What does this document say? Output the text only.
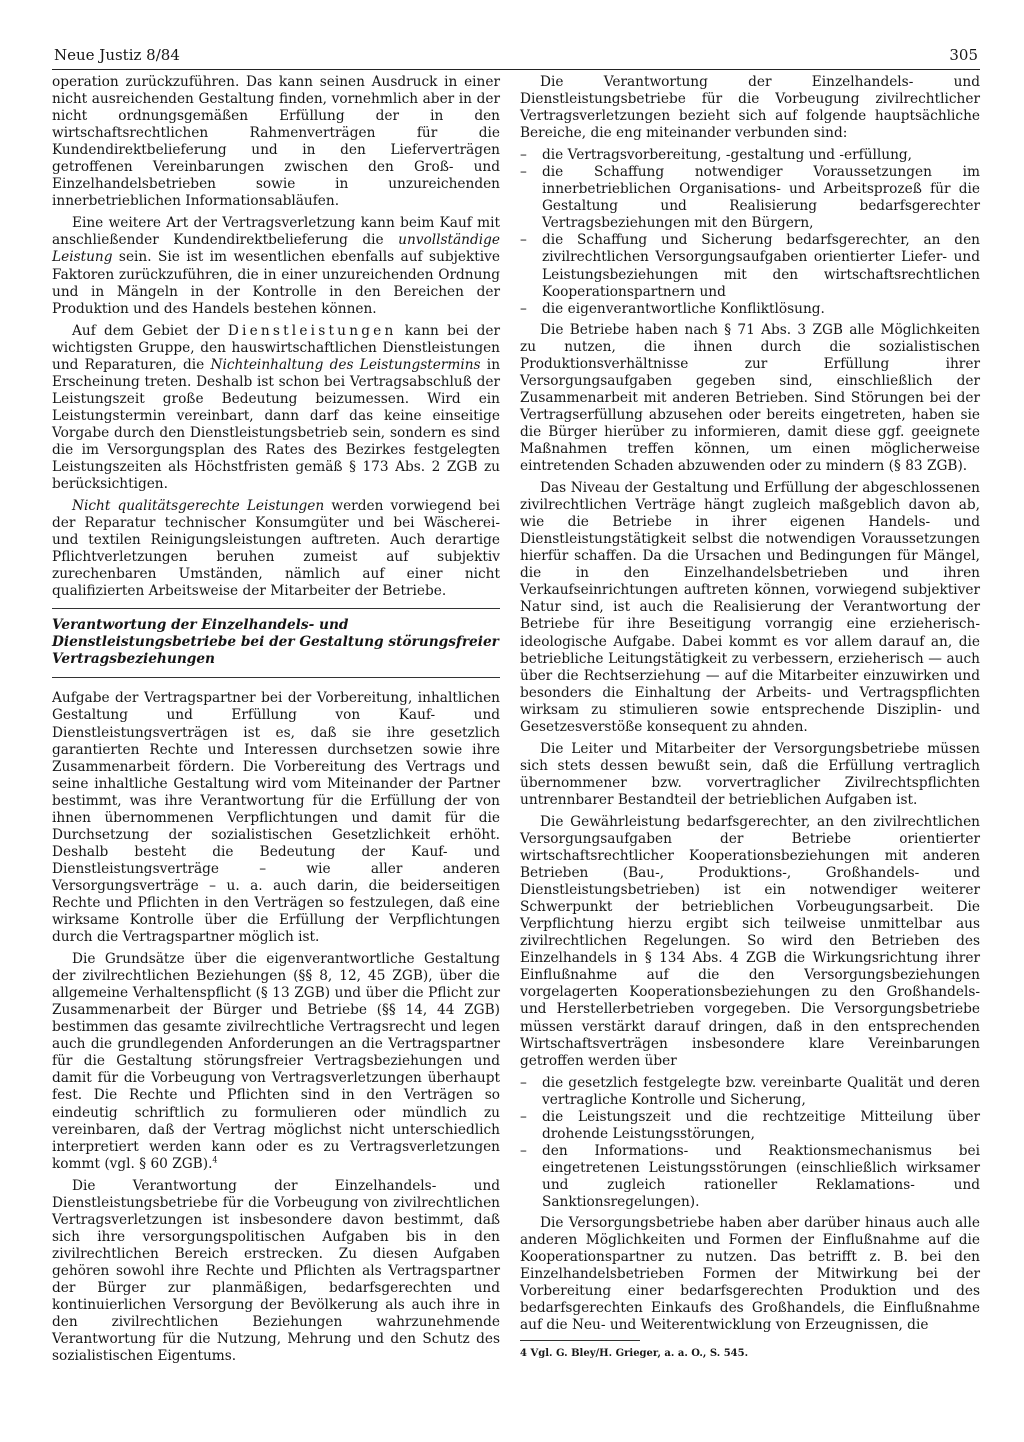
Neue Justiz 8/84	305

operation zurückzuführen. Das kann seinen Ausdruck in einer nicht ausreichenden Gestaltung finden, vornehmlich aber in der nicht ordnungsgemäßen Erfüllung der in den wirtschaftsrechtlichen Rahmenverträgen für die Kundendirektbelieferung und in den Lieferverträgen getroffenen Vereinbarungen zwischen den Groß- und Einzelhandelsbetrieben sowie in unzureichenden innerbetrieblichen Informationsabläufen.

Eine weitere Art der Vertragsverletzung kann beim Kauf mit anschließender Kundendirektbelieferung die unvollständige Leistung sein. Sie ist im wesentlichen ebenfalls auf subjektive Faktoren zurückzuführen, die in einer unzureichenden Ordnung und in Mängeln in der Kontrolle in den Bereichen der Produktion und des Handels bestehen können.

Auf dem Gebiet der Dienstleistungen kann bei der wichtigsten Gruppe, den hauswirtschaftlichen Dienstleistungen und Reparaturen, die Nichteinhaltung des Leistungstermins in Erscheinung treten. Deshalb ist schon bei Vertragsabschluß der Leistungszeit große Bedeutung beizumessen. Wird ein Leistungstermin vereinbart, dann darf das keine einseitige Vorgabe durch den Dienstleistungsbetrieb sein, sondern es sind die im Versorgungsplan des Rates des Bezirkes festgelegten Leistungszeiten als Höchstfristen gemäß § 173 Abs. 2 ZGB zu berücksichtigen.

Nicht qualitätsgerechte Leistungen werden vorwiegend bei der Reparatur technischer Konsumgüter und bei Wäscherei- und textilen Reinigungsleistungen auftreten. Auch derartige Pflichtverletzungen beruhen zumeist auf subjektiv zurechenbaren Umständen, nämlich auf einer nicht qualifizierten Arbeitsweise der Mitarbeiter der Betriebe.

Verantwortung der Einzelhandels- und Dienstleistungsbetriebe bei der Gestaltung störungsfreier Vertragsbeziehungen

Aufgabe der Vertragspartner bei der Vorbereitung, inhaltlichen Gestaltung und Erfüllung von Kauf- und Dienstleistungsverträgen ist es, daß sie ihre gesetzlich garantierten Rechte und Interessen durchsetzen sowie ihre Zusammenarbeit fördern. Die Vorbereitung des Vertrags und seine inhaltliche Gestaltung wird vom Miteinander der Partner bestimmt, was ihre Verantwortung für die Erfüllung der von ihnen übernommenen Verpflichtungen und damit für die Durchsetzung der sozialistischen Gesetzlichkeit erhöht. Deshalb besteht die Bedeutung der Kauf- und Dienstleistungsverträge – wie aller anderen Versorgungsverträge – u. a. auch darin, die beiderseitigen Rechte und Pflichten in den Verträgen so festzulegen, daß eine wirksame Kontrolle über die Erfüllung der Verpflichtungen durch die Vertragspartner möglich ist.

Die Grundsätze über die eigenverantwortliche Gestaltung der zivilrechtlichen Beziehungen (§§ 8, 12, 45 ZGB), über die allgemeine Verhaltenspflicht (§ 13 ZGB) und über die Pflicht zur Zusammenarbeit der Bürger und Betriebe (§§ 14, 44 ZGB) bestimmen das gesamte zivilrechtliche Vertragsrecht und legen auch die grundlegenden Anforderungen an die Vertragspartner für die Gestaltung störungsfreier Vertragsbeziehungen und damit für die Vorbeugung von Vertragsverletzungen überhaupt fest. Die Rechte und Pflichten sind in den Verträgen so eindeutig schriftlich zu formulieren oder mündlich zu vereinbaren, daß der Vertrag möglichst nicht unterschiedlich interpretiert werden kann oder es zu Vertragsverletzungen kommt (vgl. § 60 ZGB).$^4$

Die Verantwortung der Einzelhandels- und Dienstleistungsbetriebe für die Vorbeugung von zivilrechtlichen Vertragsverletzungen ist insbesondere davon bestimmt, daß sich ihre versorgungspolitischen Aufgaben bis in den zivilrechtlichen Bereich erstrecken. Zu diesen Aufgaben gehören sowohl ihre Rechte und Pflichten als Vertragspartner der Bürger zur planmäßigen, bedarfsgerechten und kontinuierlichen Versorgung der Bevölkerung als auch ihre in den zivilrechtlichen Beziehungen wahrzunehmende Verantwortung für die Nutzung, Mehrung und den Schutz des sozialistischen Eigentums.

Die Verantwortung der Einzelhandels- und Dienstleistungsbetriebe für die Vorbeugung zivilrechtlicher Vertragsverletzungen bezieht sich auf folgende hauptsächliche Bereiche, die eng miteinander verbunden sind:

– die Vertragsvorbereitung, -gestaltung und -erfüllung,
– die Schaffung notwendiger Voraussetzungen im innerbetrieblichen Organisations- und Arbeitsprozeß für die Gestaltung und Realisierung bedarfsgerechter Vertragsbeziehungen mit den Bürgern,
– die Schaffung und Sicherung bedarfsgerechter, an den zivilrechtlichen Versorgungsaufgaben orientierter Liefer- und Leistungsbeziehungen mit den wirtschaftsrechtlichen Kooperationspartnern und
– die eigenverantwortliche Konfliktlösung.

Die Betriebe haben nach § 71 Abs. 3 ZGB alle Möglichkeiten zu nutzen, die ihnen durch die sozialistischen Produktionsverhältnisse zur Erfüllung ihrer Versorgungsaufgaben gegeben sind, einschließlich der Zusammenarbeit mit anderen Betrieben. Sind Störungen bei der Vertragserfüllung abzusehen oder bereits eingetreten, haben sie die Bürger hierüber zu informieren, damit diese ggf. geeignete Maßnahmen treffen können, um einen möglicherweise eintretenden Schaden abzuwenden oder zu mindern (§ 83 ZGB).

Das Niveau der Gestaltung und Erfüllung der abgeschlossenen zivilrechtlichen Verträge hängt zugleich maßgeblich davon ab, wie die Betriebe in ihrer eigenen Handels- und Dienstleistungstätigkeit selbst die notwendigen Voraussetzungen hierfür schaffen. Da die Ursachen und Bedingungen für Mängel, die in den Einzelhandelsbetrieben und ihren Verkaufseinrichtungen auftreten können, vorwiegend subjektiver Natur sind, ist auch die Realisierung der Verantwortung der Betriebe für ihre Beseitigung vorrangig eine erzieherisch-ideologische Aufgabe. Dabei kommt es vor allem darauf an, die betriebliche Leitungstätigkeit zu verbessern, erzieherisch — auch über die Rechtserziehung — auf die Mitarbeiter einzuwirken und besonders die Einhaltung der Arbeits- und Vertragspflichten wirksam zu stimulieren sowie entsprechende Disziplin- und Gesetzesverstöße konsequent zu ahnden.

Die Leiter und Mitarbeiter der Versorgungsbetriebe müssen sich stets dessen bewußt sein, daß die Erfüllung vertraglich übernommener bzw. vorvertraglicher Zivilrechtspflichten untrennbarer Bestandteil der betrieblichen Aufgaben ist.

Die Gewährleistung bedarfsgerechter, an den zivilrechtlichen Versorgungsaufgaben der Betriebe orientierter wirtschaftsrechtlicher Kooperationsbeziehungen mit anderen Betrieben (Bau-, Produktions-, Großhandels- und Dienstleistungsbetrieben) ist ein notwendiger weiterer Schwerpunkt der betrieblichen Vorbeugungsarbeit. Die Verpflichtung hierzu ergibt sich teilweise unmittelbar aus zivilrechtlichen Regelungen. So wird den Betrieben des Einzelhandels in § 134 Abs. 4 ZGB die Wirkungsrichtung ihrer Einflußnahme auf die den Versorgungsbeziehungen vorgelagerten Kooperationsbeziehungen zu den Großhandels- und Herstellerbetrieben vorgegeben. Die Versorgungsbetriebe müssen verstärkt darauf dringen, daß in den entsprechenden Wirtschaftsverträgen insbesondere klare Vereinbarungen getroffen werden über

– die gesetzlich festgelegte bzw. vereinbarte Qualität und deren vertragliche Kontrolle und Sicherung,
– die Leistungszeit und die rechtzeitige Mitteilung über drohende Leistungsstörungen,
– den Informations- und Reaktionsmechanismus bei eingetretenen Leistungsstörungen (einschließlich wirksamer und zugleich rationeller Reklamations- und Sanktionsregelungen).

Die Versorgungsbetriebe haben aber darüber hinaus auch alle anderen Möglichkeiten und Formen der Einflußnahme auf die Kooperationspartner zu nutzen. Das betrifft z. B. bei den Einzelhandelsbetrieben Formen der Mitwirkung bei der Vorbereitung einer bedarfsgerechten Produktion und des bedarfsgerechten Einkaufs des Großhandels, die Einflußnahme auf die Neu- und Weiterentwicklung von Erzeugnissen, die

4 Vgl. G. Bley/H. Grieger, a. a. O., S. 545.
